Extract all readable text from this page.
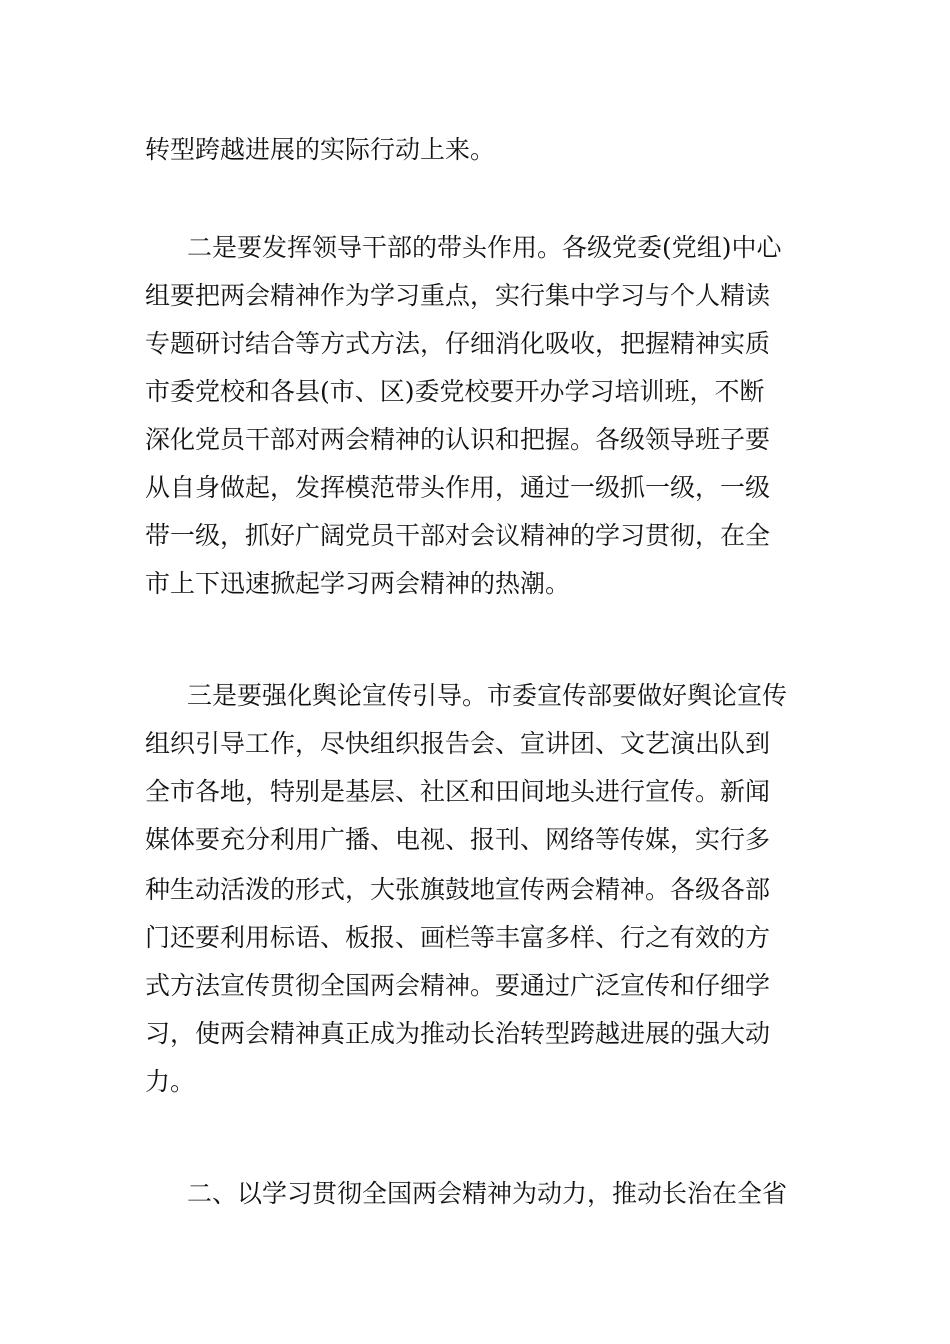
转型跨越进展的实际行动上来。
二是要发挥领导干部的带头作用。各级党委(党组)中心
组要把两会精神作为学习重点，实行集中学习与个人精读
专题研讨结合等方式方法，仔细消化吸收，把握精神实质
市委党校和各县(市、区)委党校要开办学习培训班，不断
深化党员干部对两会精神的认识和把握。各级领导班子要
从自身做起，发挥模范带头作用，通过一级抓一级，一级
带一级，抓好广阔党员干部对会议精神的学习贯彻，在全
市上下迅速掀起学习两会精神的热潮。
三是要强化舆论宣传引导。市委宣传部要做好舆论宣传
组织引导工作，尽快组织报告会、宣讲团、文艺演出队到
全市各地，特别是基层、社区和田间地头进行宣传。新闻
媒体要充分利用广播、电视、报刊、网络等传媒，实行多
种生动活泼的形式，大张旗鼓地宣传两会精神。各级各部
门还要利用标语、板报、画栏等丰富多样、行之有效的方
式方法宣传贯彻全国两会精神。要通过广泛宣传和仔细学
习，使两会精神真正成为推动长治转型跨越进展的强大动
力。
二、以学习贯彻全国两会精神为动力，推动长治在全省
